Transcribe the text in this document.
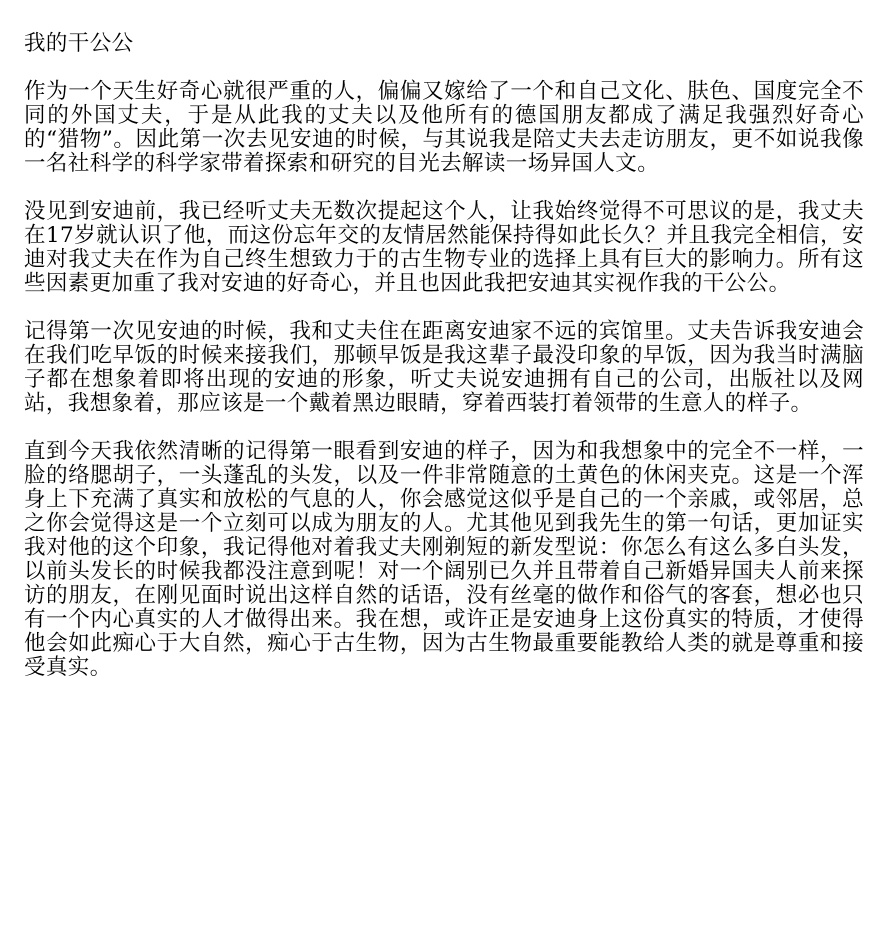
我的干公公

作为一个天生好奇心就很严重的人，偏偏又嫁给了一个和自己文化、肤色、国度完全不同的外国丈夫，于是从此我的丈夫以及他所有的德国朋友都成了满足我强烈好奇心的“猎物”。因此第一次去见安迪的时候，与其说我是陪丈夫去走访朋友，更不如说我像一名社科学的科学家带着探索和研究的目光去解读一场异国人文。

没见到安迪前，我已经听丈夫无数次提起这个人，让我始终觉得不可思议的是，我丈夫在17岁就认识了他，而这份忘年交的友情居然能保持得如此长久？并且我完全相信，安迪对我丈夫在作为自己终生想致力于的古生物专业的选择上具有巨大的影响力。所有这些因素更加重了我对安迪的好奇心，并且也因此我把安迪其实视作我的干公公。

记得第一次见安迪的时候，我和丈夫住在距离安迪家不远的宾馆里。丈夫告诉我安迪会在我们吃早饭的时候来接我们，那顿早饭是我这辈子最没印象的早饭，因为我当时满脑子都在想象着即将出现的安迪的形象，听丈夫说安迪拥有自己的公司，出版社以及网站，我想象着，那应该是一个戴着黑边眼睛，穿着西装打着领带的生意人的样子。

直到今天我依然清晰的记得第一眼看到安迪的样子，因为和我想象中的完全不一样，一脸的络腮胡子，一头蓬乱的头发，以及一件非常随意的土黄色的休闲夹克。这是一个浑身上下充满了真实和放松的气息的人，你会感觉这似乎是自己的一个亲戚，或邻居，总之你会觉得这是一个立刻可以成为朋友的人。尤其他见到我先生的第一句话，更加证实我对他的这个印象，我记得他对着我丈夫刚剃短的新发型说：你怎么有这么多白头发，以前头发长的时候我都没注意到呢！对一个阔别已久并且带着自己新婚异国夫人前来探访的朋友，在刚见面时说出这样自然的话语，没有丝毫的做作和俗气的客套，想必也只有一个内心真实的人才做得出来。我在想，或许正是安迪身上这份真实的特质，才使得他会如此痴心于大自然，痴心于古生物，因为古生物最重要能教给人类的就是尊重和接受真实。
